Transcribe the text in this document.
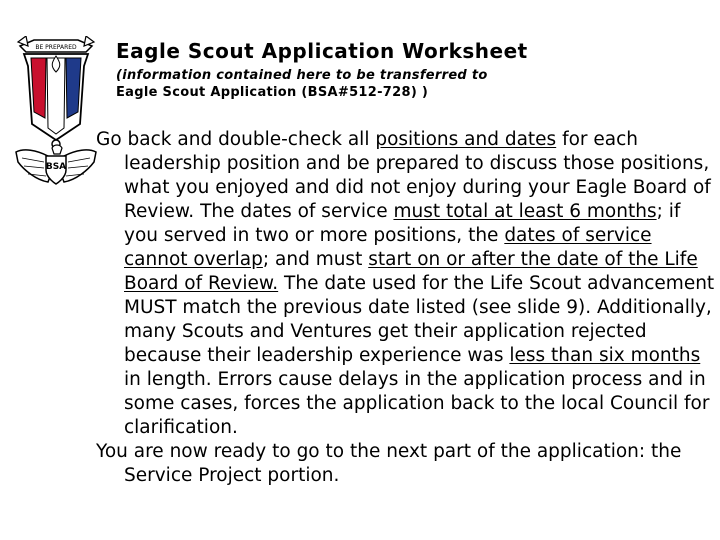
BE PREPARED
BSA
Eagle Scout Application Worksheet

(information contained here to be transferred to
Eagle Scout Application (BSA#512-728) )

Go back and double-check all positions and dates for each leadership position and be prepared to discuss those positions, what you enjoyed and did not enjoy during your Eagle Board of Review. The dates of service must total at least 6 months; if you served in two or more positions, the dates of service cannot overlap; and must start on or after the date of the Life Board of Review. The date used for the Life Scout advancement MUST match the previous date listed (see slide 9). Additionally, many Scouts and Ventures get their application rejected because their leadership experience was less than six months in length. Errors cause delays in the application process and in some cases, forces the application back to the local Council for clarification.

You are now ready to go to the next part of the application: the Service Project portion.
